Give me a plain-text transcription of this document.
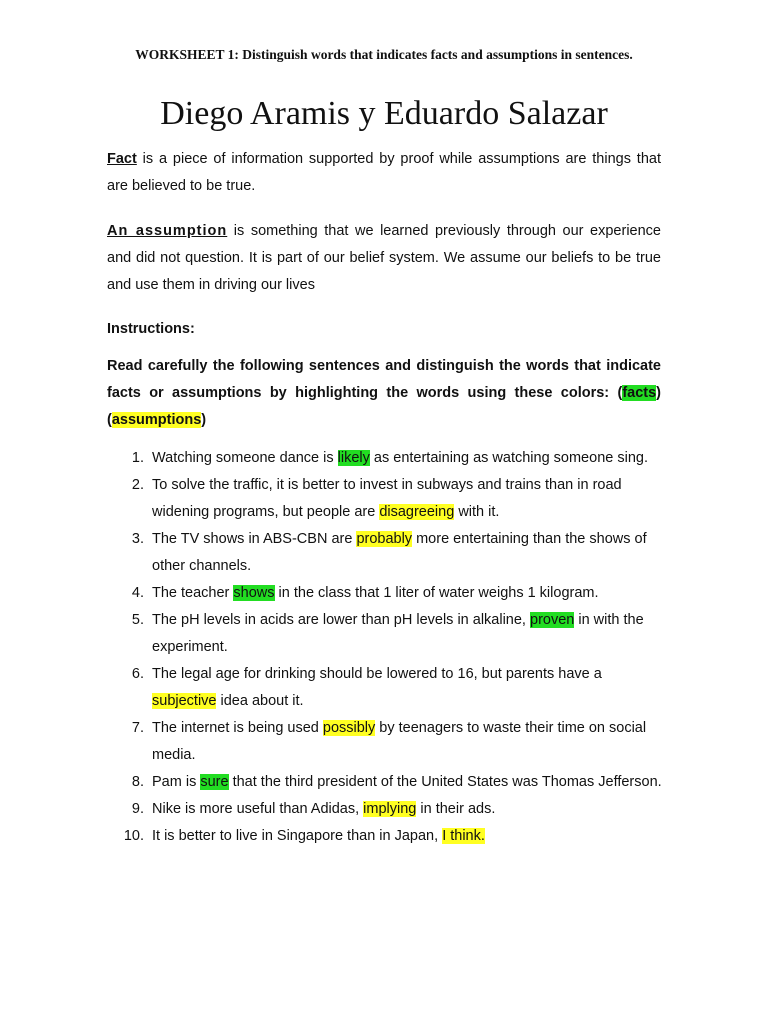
WORKSHEET 1: Distinguish words that indicates facts and assumptions in sentences.
Diego Aramis y Eduardo Salazar

Fact is a piece of information supported by proof while assumptions are things that are believed to be true.

An assumption is something that we learned previously through our experience and did not question. It is part of our belief system. We assume our beliefs to be true and use them in driving our lives

Instructions:

Read carefully the following sentences and distinguish the words that indicate facts or assumptions by highlighting the words using these colors: (facts) (assumptions)

1. Watching someone dance is likely as entertaining as watching someone sing.
2. To solve the traffic, it is better to invest in subways and trains than in road widening programs, but people are disagreeing with it.
3. The TV shows in ABS-CBN are probably more entertaining than the shows of other channels.
4. The teacher shows in the class that 1 liter of water weighs 1 kilogram.
5. The pH levels in acids are lower than pH levels in alkaline, proven in with the experiment.
6. The legal age for drinking should be lowered to 16, but parents have a subjective idea about it.
7. The internet is being used possibly by teenagers to waste their time on social media.
8. Pam is sure that the third president of the United States was Thomas Jefferson.
9. Nike is more useful than Adidas, implying in their ads.
10. It is better to live in Singapore than in Japan, I think.
